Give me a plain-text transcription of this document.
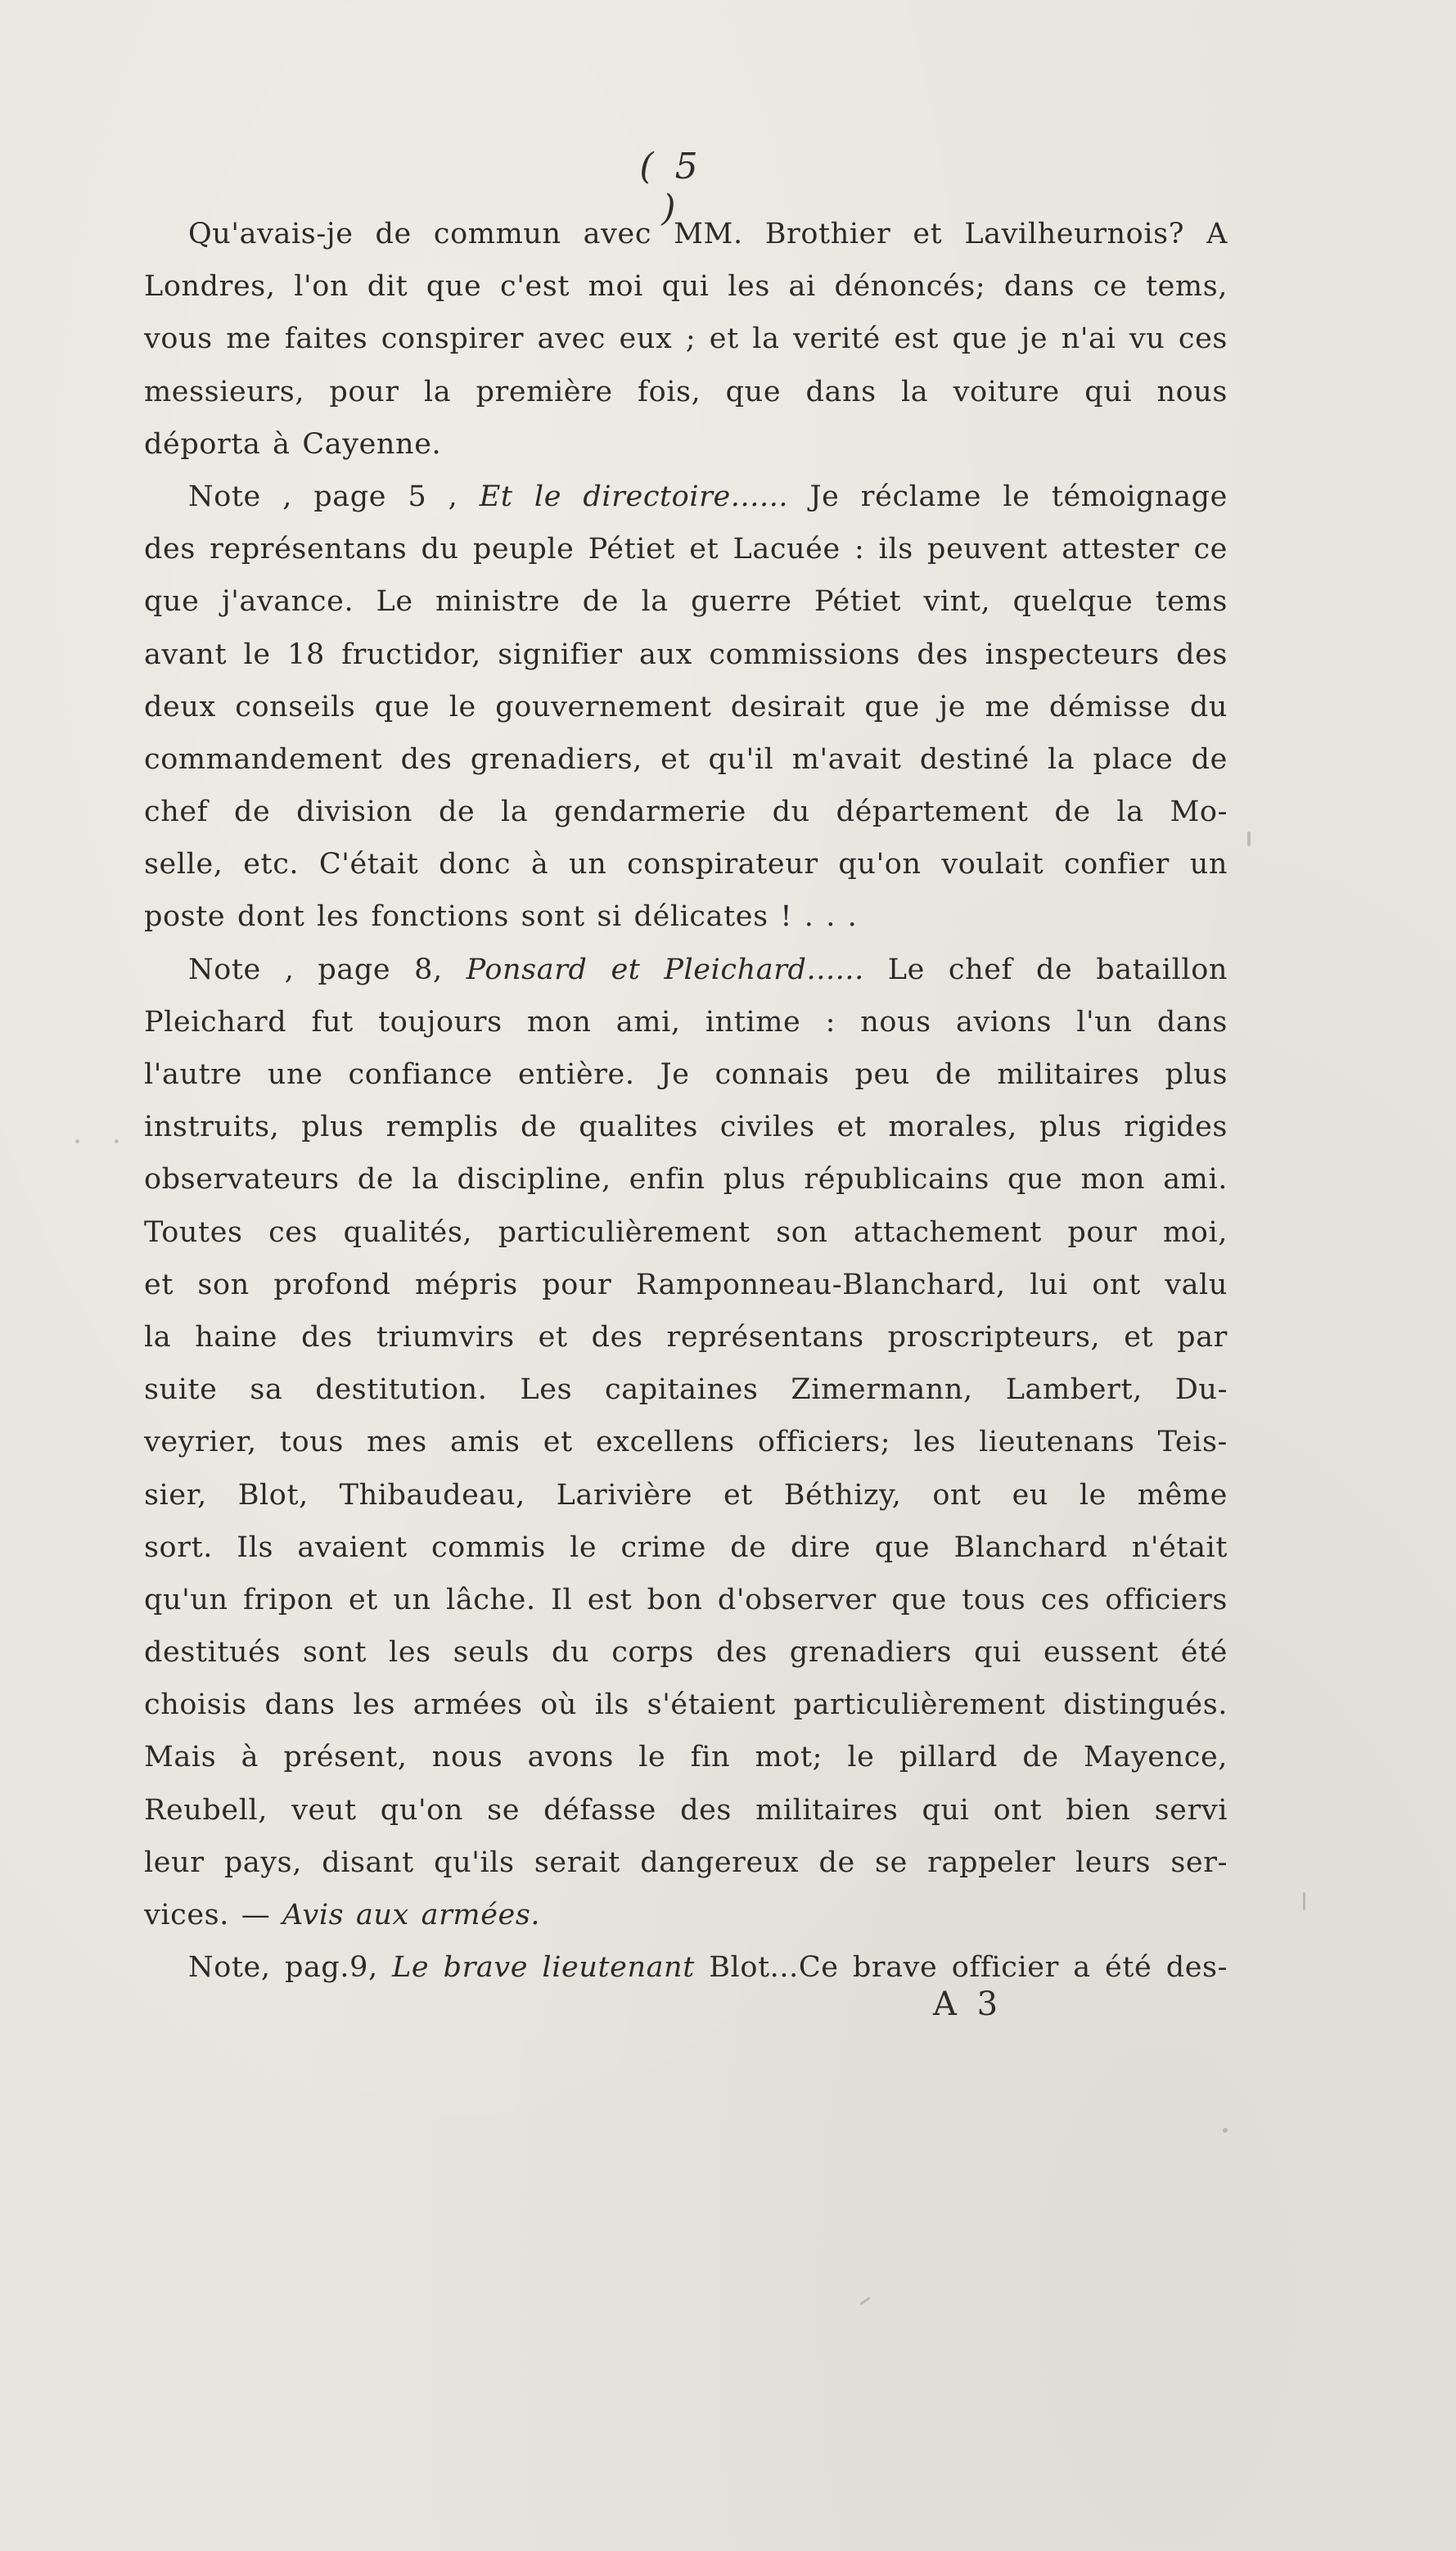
( 5 )
Qu'avais-je de commun avec MM. Brothier et Lavilheurnois? A
Londres, l'on dit que c'est moi qui les ai dénoncés; dans ce tems,
vous me faites conspirer avec eux ; et la verité est que je n'ai vu ces
messieurs, pour la première fois, que dans la voiture qui nous
déporta à Cayenne.
Note , page 5 , Et le directoire...... Je réclame le témoignage
des représentans du peuple Pétiet et Lacuée : ils peuvent attester ce
que j'avance. Le ministre de la guerre Pétiet vint, quelque tems
avant le 18 fructidor, signifier aux commissions des inspecteurs des
deux conseils que le gouvernement desirait que je me démisse du
commandement des grenadiers, et qu'il m'avait destiné la place de
chef de division de la gendarmerie du département de la Mo-
selle, etc. C'était donc à un conspirateur qu'on voulait confier un
poste dont les fonctions sont si délicates ! . . .
Note , page 8, Ponsard et Pleichard...... Le chef de bataillon
Pleichard fut toujours mon ami, intime : nous avions l'un dans
l'autre une confiance entière. Je connais peu de militaires plus
instruits, plus remplis de qualites civiles et morales, plus rigides
observateurs de la discipline, enfin plus républicains que mon ami.
Toutes ces qualités, particulièrement son attachement pour moi,
et son profond mépris pour Ramponneau-Blanchard, lui ont valu
la haine des triumvirs et des représentans proscripteurs, et par
suite sa destitution. Les capitaines Zimermann, Lambert, Du-
veyrier, tous mes amis et excellens officiers; les lieutenans Teis-
sier, Blot, Thibaudeau, Larivière et Béthizy, ont eu le même
sort. Ils avaient commis le crime de dire que Blanchard n'était
qu'un fripon et un lâche. Il est bon d'observer que tous ces officiers
destitués sont les seuls du corps des grenadiers qui eussent été
choisis dans les armées où ils s'étaient particulièrement distingués.
Mais à présent, nous avons le fin mot; le pillard de Mayence,
Reubell, veut qu'on se défasse des militaires qui ont bien servi
leur pays, disant qu'ils serait dangereux de se rappeler leurs ser-
vices. — Avis aux armées.
Note, pag.9, Le brave lieutenant Blot...Ce brave officier a été des-
A 3
